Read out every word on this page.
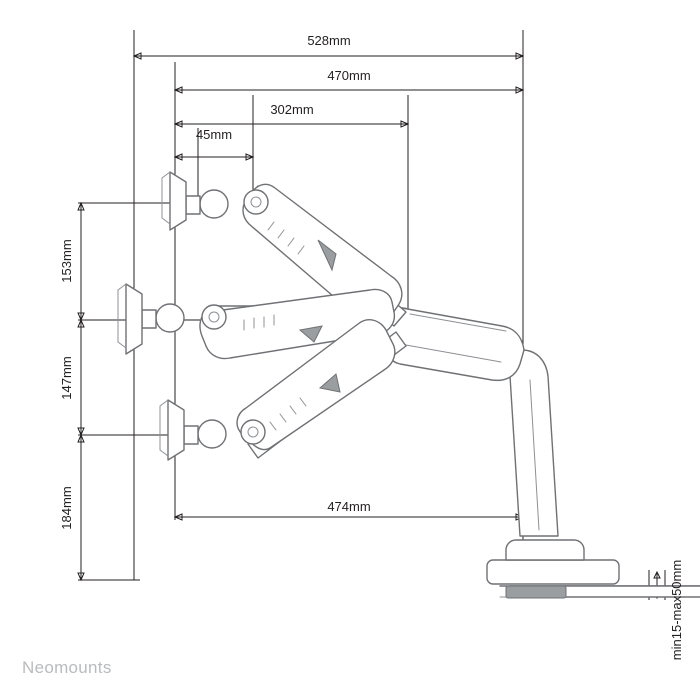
528mm
470mm
302mm
45mm
474mm
153mm
147mm
184mm
min15-max50mm
Neomounts
